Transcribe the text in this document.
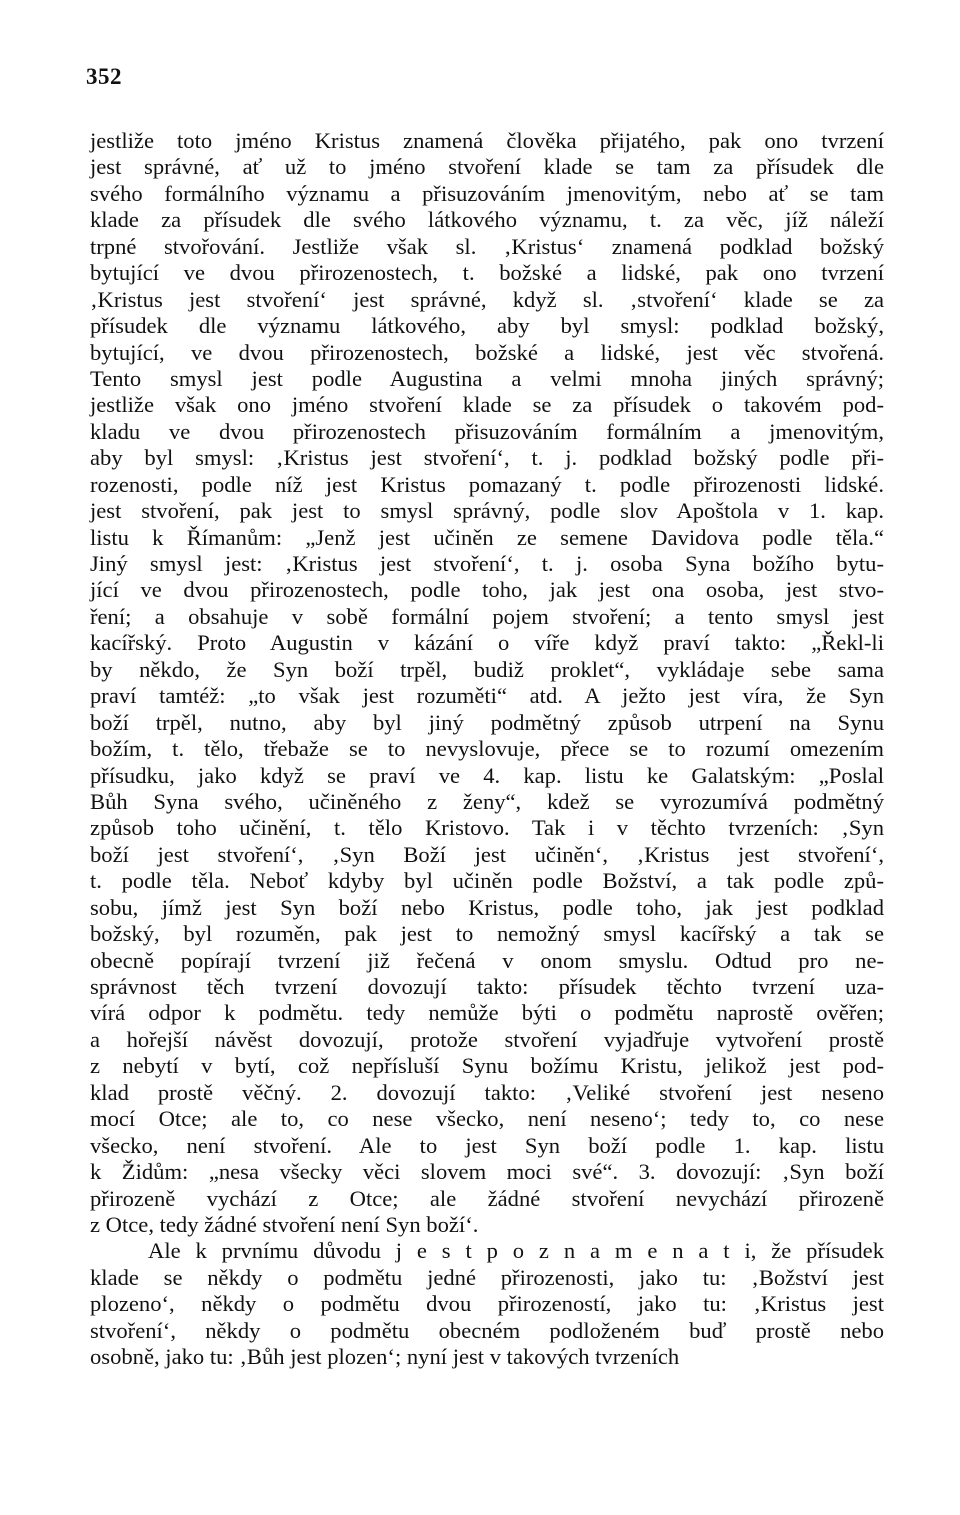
352
jestliže toto jméno Kristus znamená člověka přijatého, pak ono tvrzení
jest správné, ať už to jméno stvoření klade se tam za přísudek dle
svého formálního významu a přisuzováním jmenovitým, nebo ať se tam
klade za přísudek dle svého látkového významu, t. za věc, jíž náleží
trpné stvořování. Jestliže však sl. ‚Kristus‘ znamená podklad božský
bytující ve dvou přirozenostech, t. božské a lidské, pak ono tvrzení
‚Kristus jest stvoření‘ jest správné, když sl. ‚stvoření‘ klade se za
přísudek dle významu látkového, aby byl smysl: podklad božský,
bytující, ve dvou přirozenostech, božské a lidské, jest věc stvořená.
Tento smysl jest podle Augustina a velmi mnoha jiných správný;
jestliže však ono jméno stvoření klade se za přísudek o takovém pod-
kladu ve dvou přirozenostech přisuzováním formálním a jmenovitým,
aby byl smysl: ‚Kristus jest stvoření‘, t. j. podklad božský podle při-
rozenosti, podle níž jest Kristus pomazaný t. podle přirozenosti lidské.
jest stvoření, pak jest to smysl správný, podle slov Apoštola v 1. kap.
listu k Římanům: „Jenž jest učiněn ze semene Davidova podle těla.“
Jiný smysl jest: ‚Kristus jest stvoření‘, t. j. osoba Syna božího bytu-
jící ve dvou přirozenostech, podle toho, jak jest ona osoba, jest stvo-
ření; a obsahuje v sobě formální pojem stvoření; a tento smysl jest
kacířský. Proto Augustin v kázání o víře když praví takto: „Řekl-li
by někdo, že Syn boží trpěl, budiž proklet“, vykládaje sebe sama
praví tamtéž: „to však jest rozuměti“ atd. A ježto jest víra, že Syn
boží trpěl, nutno, aby byl jiný podmětný způsob utrpení na Synu
božím, t. tělo, třebaže se to nevyslovuje, přece se to rozumí omezením
přísudku, jako když se praví ve 4. kap. listu ke Galatským: „Poslal
Bůh Syna svého, učiněného z ženy“, kdež se vyrozumívá podmětný
způsob toho učinění, t. tělo Kristovo. Tak i v těchto tvrzeních: ‚Syn
boží jest stvoření‘, ‚Syn Boží jest učiněn‘, ‚Kristus jest stvoření‘,
t. podle těla. Neboť kdyby byl učiněn podle Božství, a tak podle způ-
sobu, jímž jest Syn boží nebo Kristus, podle toho, jak jest podklad
božský, byl rozuměn, pak jest to nemožný smysl kacířský a tak se
obecně popírají tvrzení již řečená v onom smyslu. Odtud pro ne-
správnost těch tvrzení dovozují takto: přísudek těchto tvrzení uza-
vírá odpor k podmětu. tedy nemůže býti o podmětu naprostě ověřen;
a hořejší návěst dovozují, protože stvoření vyjadřuje vytvoření prostě
z nebytí v bytí, což nepřísluší Synu božímu Kristu, jelikož jest pod-
klad prostě věčný. 2. dovozují takto: ‚Veliké stvoření jest neseno
mocí Otce; ale to, co nese všecko, není neseno‘; tedy to, co nese
všecko, není stvoření. Ale to jest Syn boží podle 1. kap. listu
k Židům: „nesa všecky věci slovem moci své“. 3. dovozují: ‚Syn boží
přirozeně vychází z Otce; ale žádné stvoření nevychází přirozeně
z Otce, tedy žádné stvoření není Syn boží‘.
Ale k prvnímu důvodu j e s t p o z n a m e n a t i, že přísudek
klade se někdy o podmětu jedné přirozenosti, jako tu: ‚Božství jest
plozeno‘, někdy o podmětu dvou přirozeností, jako tu: ‚Kristus jest
stvoření‘, někdy o podmětu obecném podloženém buď prostě nebo
osobně, jako tu: ‚Bůh jest plozen‘; nyní jest v takových tvrzeních
